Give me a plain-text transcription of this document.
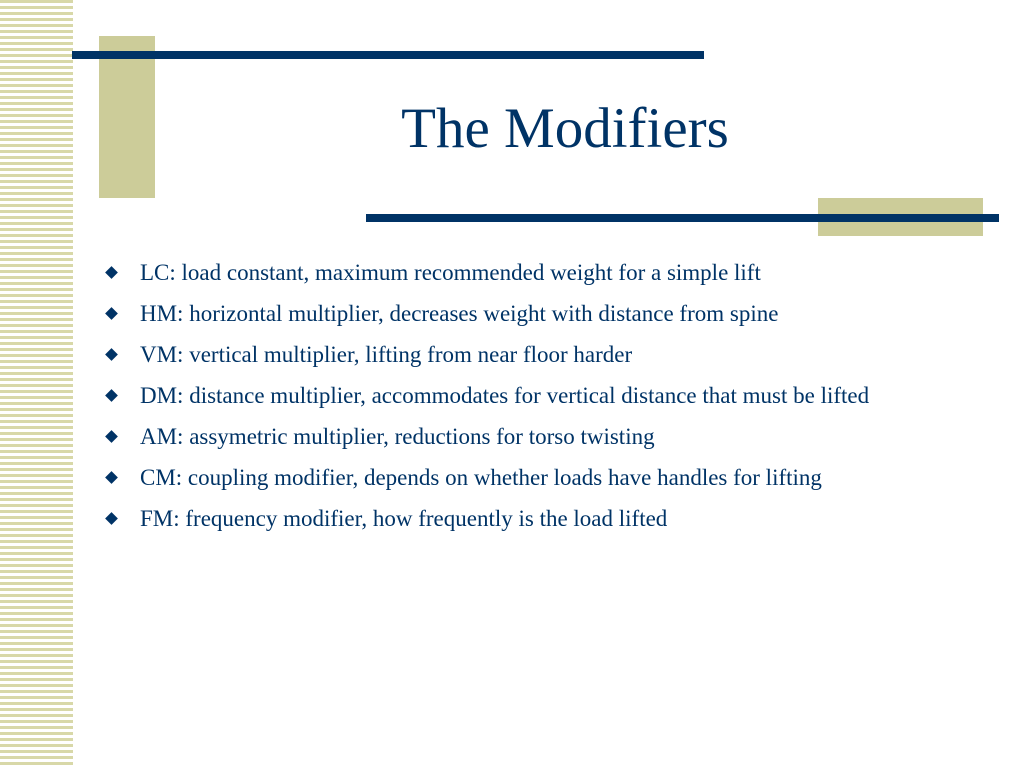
The Modifiers
LC: load constant, maximum recommended weight for a simple lift
HM: horizontal multiplier, decreases weight with distance from spine
VM: vertical multiplier, lifting from near floor harder
DM: distance multiplier, accommodates for vertical distance that must be lifted
AM: assymetric multiplier, reductions for torso twisting
CM: coupling modifier, depends on whether loads have handles for lifting
FM: frequency modifier, how frequently is the load lifted
